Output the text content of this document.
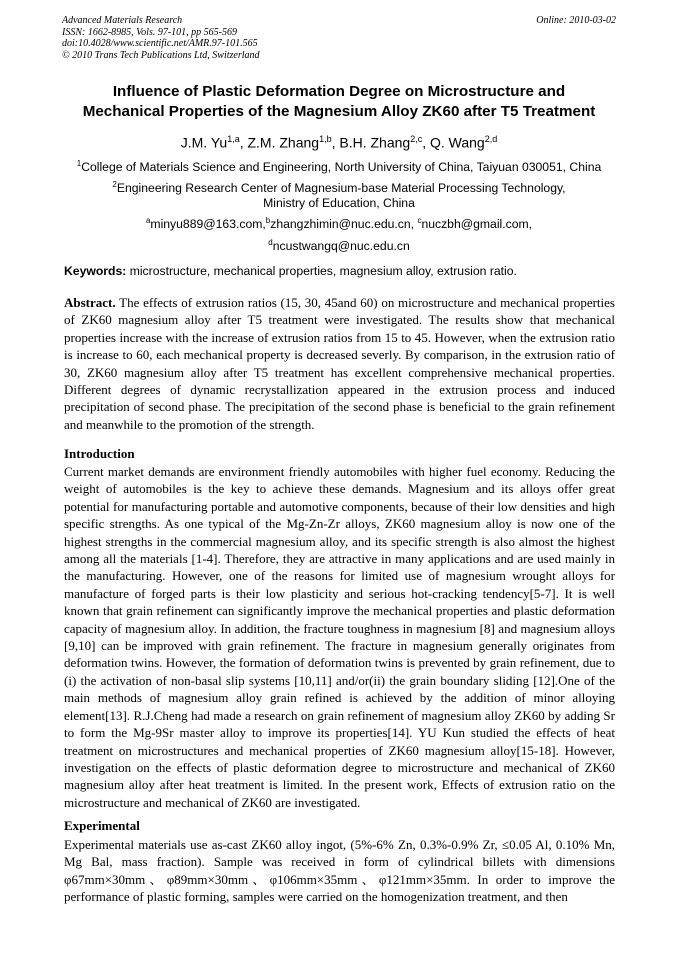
Advanced Materials Research
ISSN: 1662-8985, Vols. 97-101, pp 565-569
doi:10.4028/www.scientific.net/AMR.97-101.565
© 2010 Trans Tech Publications Ltd, Switzerland
Online: 2010-03-02
Influence of Plastic Deformation Degree on Microstructure and
Mechanical Properties of the Magnesium Alloy ZK60 after T5 Treatment
J.M. Yu$^{1,a}$, Z.M. Zhang$^{1,b}$, B.H. Zhang$^{2,c}$, Q. Wang$^{2,d}$
$^1$College of Materials Science and Engineering, North University of China, Taiyuan 030051, China
$^2$Engineering Research Center of Magnesium-base Material Processing Technology,
Ministry of Education, China
$^a$minyu889@163.com,$^b$zhangzhimin@nuc.edu.cn, $^c$nuczbh@gmail.com,
$^d$ncustwangq@nuc.edu.cn
Keywords: microstructure, mechanical properties, magnesium alloy, extrusion ratio.
Abstract. The effects of extrusion ratios (15, 30, 45and 60) on microstructure and mechanical properties of ZK60 magnesium alloy after T5 treatment were investigated. The results show that mechanical properties increase with the increase of extrusion ratios from 15 to 45. However, when the extrusion ratio is increase to 60, each mechanical property is decreased severly. By comparison, in the extrusion ratio of 30, ZK60 magnesium alloy after T5 treatment has excellent comprehensive mechanical properties. Different degrees of dynamic recrystallization appeared in the extrusion process and induced precipitation of second phase. The precipitation of the second phase is beneficial to the grain refinement and meanwhile to the promotion of the strength.
Introduction
Current market demands are environment friendly automobiles with higher fuel economy. Reducing the weight of automobiles is the key to achieve these demands. Magnesium and its alloys offer great potential for manufacturing portable and automotive components, because of their low densities and high specific strengths. As one typical of the Mg-Zn-Zr alloys, ZK60 magnesium alloy is now one of the highest strengths in the commercial magnesium alloy, and its specific strength is also almost the highest among all the materials [1-4]. Therefore, they are attractive in many applications and are used mainly in the manufacturing. However, one of the reasons for limited use of magnesium wrought alloys for manufacture of forged parts is their low plasticity and serious hot-cracking tendency[5-7]. It is well known that grain refinement can significantly improve the mechanical properties and plastic deformation capacity of magnesium alloy. In addition, the fracture toughness in magnesium [8] and magnesium alloys [9,10] can be improved with grain refinement. The fracture in magnesium generally originates from deformation twins. However, the formation of deformation twins is prevented by grain refinement, due to (i) the activation of non-basal slip systems [10,11] and/or(ii) the grain boundary sliding [12].One of the main methods of magnesium alloy grain refined is achieved by the addition of minor alloying element[13]. R.J.Cheng had made a research on grain refinement of magnesium alloy ZK60 by adding Sr to form the Mg-9Sr master alloy to improve its properties[14]. YU Kun studied the effects of heat treatment on microstructures and mechanical properties of ZK60 magnesium alloy[15-18]. However, investigation on the effects of plastic deformation degree to microstructure and mechanical of ZK60 magnesium alloy after heat treatment is limited. In the present work, Effects of extrusion ratio on the microstructure and mechanical of ZK60 are investigated.
Experimental
Experimental materials use as-cast ZK60 alloy ingot, (5%-6% Zn, 0.3%-0.9% Zr, ≤0.05 Al, 0.10% Mn, Mg Bal, mass fraction). Sample was received in form of cylindrical billets with dimensions φ67mm×30mm、φ89mm×30mm、φ106mm×35mm、φ121mm×35mm. In order to improve the performance of plastic forming, samples were carried on the homogenization treatment, and then
